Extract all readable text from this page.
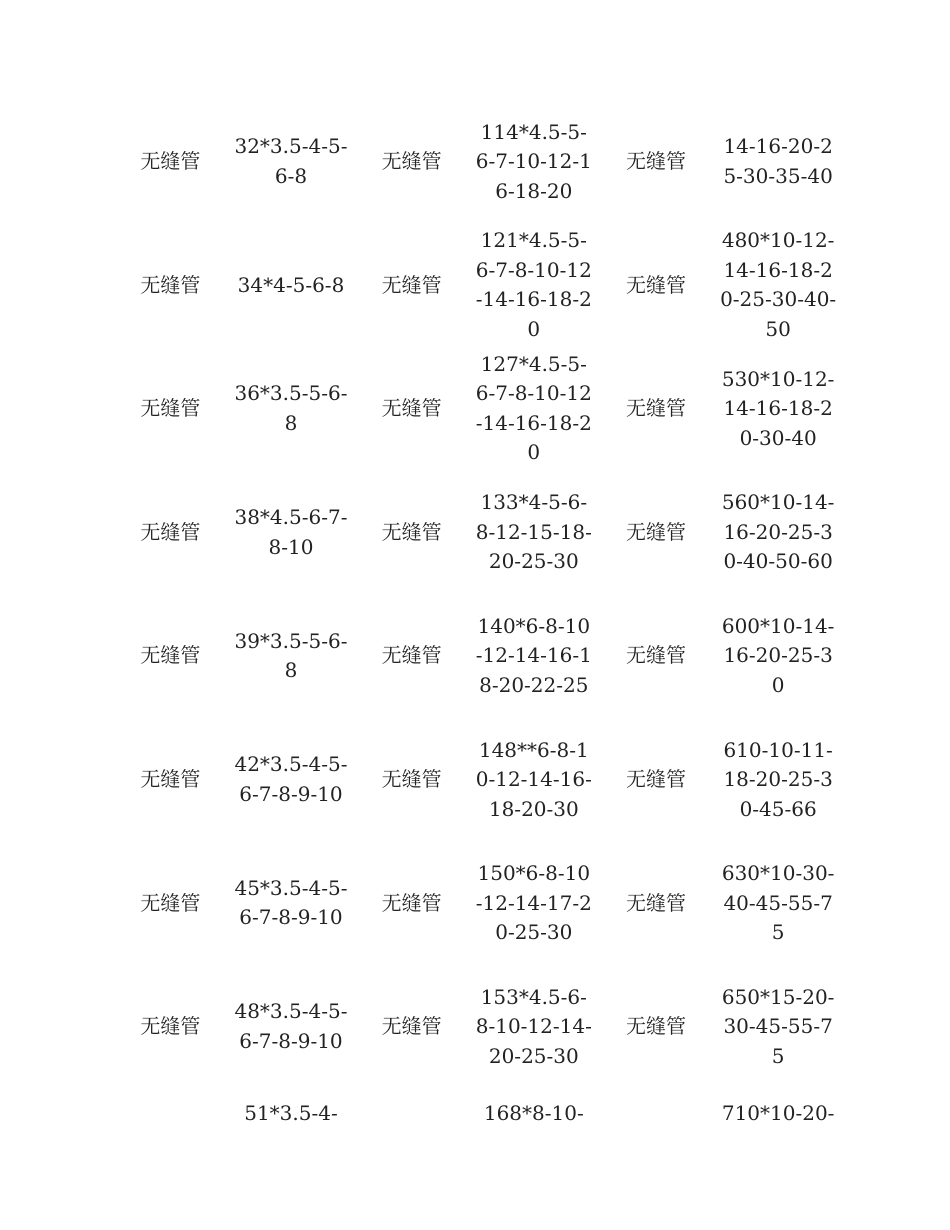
无缝管	32*3.5-4-5-6-8	无缝管	114*4.5-5-6-7-10-12-16-18-20	无缝管	14-16-20-25-30-35-40
无缝管	34*4-5-6-8	无缝管	121*4.5-5-6-7-8-10-12-14-16-18-20	无缝管	480*10-12-14-16-18-20-25-30-40-50
无缝管	36*3.5-5-6-8	无缝管	127*4.5-5-6-7-8-10-12-14-16-18-20	无缝管	530*10-12-14-16-18-20-30-40
无缝管	38*4.5-6-7-8-10	无缝管	133*4-5-6-8-12-15-18-20-25-30	无缝管	560*10-14-16-20-25-30-40-50-60
无缝管	39*3.5-5-6-8	无缝管	140*6-8-10-12-14-16-18-20-22-25	无缝管	600*10-14-16-20-25-30
无缝管	42*3.5-4-5-6-7-8-9-10	无缝管	148**6-8-10-12-14-16-18-20-30	无缝管	610-10-11-18-20-25-30-45-66
无缝管	45*3.5-4-5-6-7-8-9-10	无缝管	150*6-8-10-12-14-17-20-25-30	无缝管	630*10-30-40-45-55-75
无缝管	48*3.5-4-5-6-7-8-9-10	无缝管	153*4.5-6-8-10-12-14-20-25-30	无缝管	650*15-20-30-45-55-75
	51*3.5-4-		168*8-10-		710*10-20-
